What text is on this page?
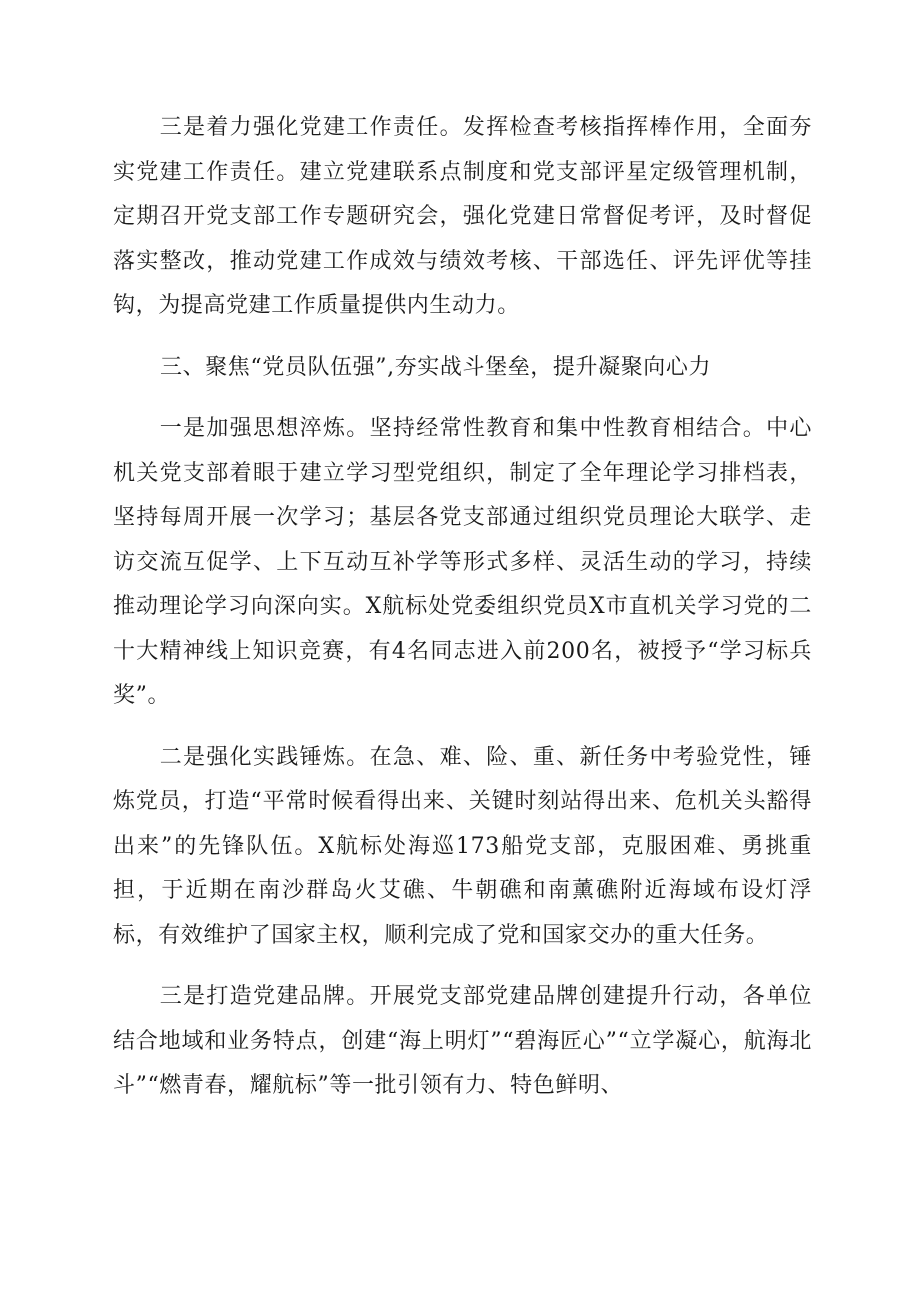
三是着力强化党建工作责任。发挥检查考核指挥棒作用，全面夯实党建工作责任。建立党建联系点制度和党支部评星定级管理机制，定期召开党支部工作专题研究会，强化党建日常督促考评，及时督促落实整改，推动党建工作成效与绩效考核、干部选任、评先评优等挂钩，为提高党建工作质量提供内生动力。

三、聚焦“党员队伍强”,夯实战斗堡垒，提升凝聚向心力

一是加强思想淬炼。坚持经常性教育和集中性教育相结合。中心机关党支部着眼于建立学习型党组织，制定了全年理论学习排档表，坚持每周开展一次学习；基层各党支部通过组织党员理论大联学、走访交流互促学、上下互动互补学等形式多样、灵活生动的学习，持续推动理论学习向深向实。X航标处党委组织党员X市直机关学习党的二十大精神线上知识竞赛，有4名同志进入前200名，被授予“学习标兵奖”。

二是强化实践锤炼。在急、难、险、重、新任务中考验党性，锤炼党员，打造“平常时候看得出来、关键时刻站得出来、危机关头豁得出来”的先锋队伍。X航标处海巡173船党支部，克服困难、勇挑重担，于近期在南沙群岛火艾礁、牛朝礁和南薰礁附近海域布设灯浮标，有效维护了国家主权，顺利完成了党和国家交办的重大任务。

三是打造党建品牌。开展党支部党建品牌创建提升行动，各单位结合地域和业务特点，创建“海上明灯”“碧海匠心”“立学凝心，航海北斗”“燃青春，耀航标”等一批引领有力、特色鲜明、
